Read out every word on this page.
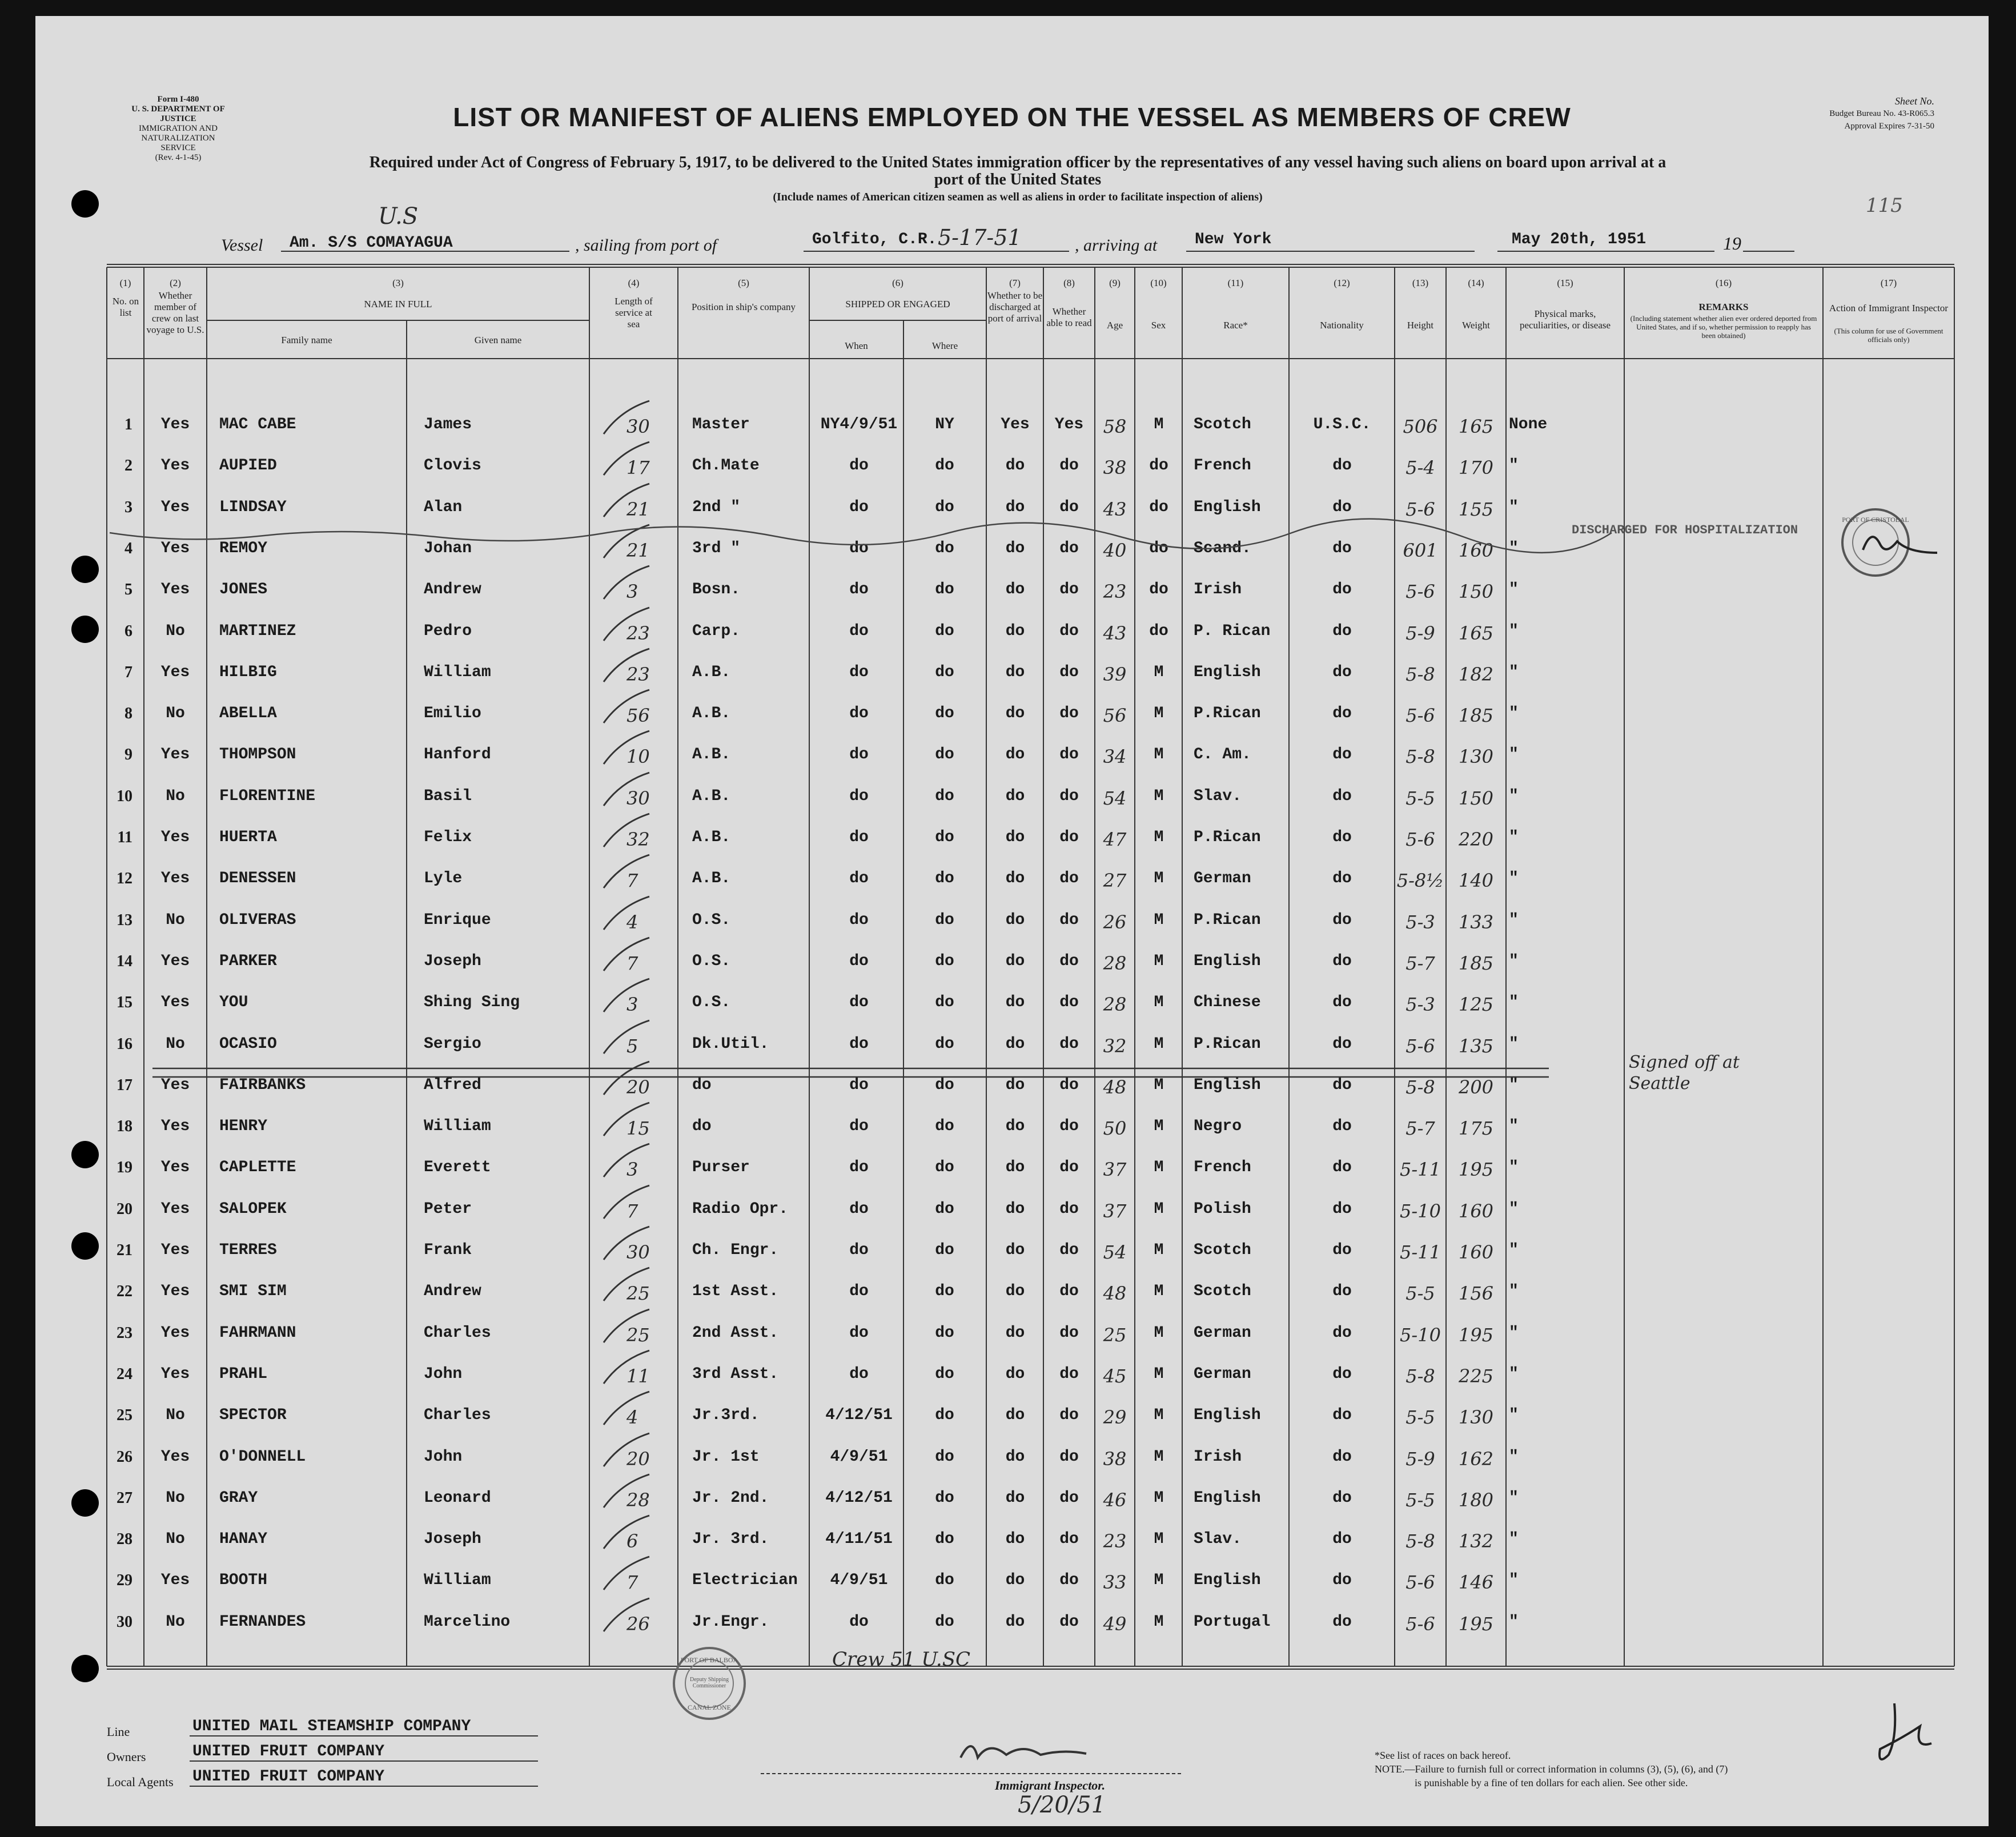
Form I-480
U. S. DEPARTMENT OF JUSTICE
IMMIGRATION AND NATURALIZATION SERVICE
(Rev. 4-1-45)
Sheet No.
Budget Bureau No. 43-R065.3
Approval Expires 7-31-50
LIST OR MANIFEST OF ALIENS EMPLOYED ON THE VESSEL AS MEMBERS OF CREW
Required under Act of Congress of February 5, 1917, to be delivered to the United States immigration officer by the representatives of any vessel having such aliens on board upon arrival at a
port of the United States
(Include names of American citizen seamen as well as aliens in order to facilitate inspection of aliens)	115
Vessel
U.S
Am. S/S COMAYAGUA	, sailing from port of	Golfito, C.R. 5-17-51	, arriving at New York	May 20th, 1951	19
(1)
No. on list
(2)
Whether member of crew on last voyage to U.S.
(3)
NAME IN FULL
Family name	Given name
(4)
Length of service at sea
(5)
Position in ship's company
(6)
SHIPPED OR ENGAGED
When	Where
(7)
Whether to be discharged at port of arrival
(8)
Whether able to read
(9)
Age
(10)
Sex
(11)
Race*
(12)
Nationality
(13)
Height
(14)
Weight
(15)
Physical marks, peculiarities, or disease
(16)
REMARKS
(Including statement whether alien ever ordered deported from United States, and if so, whether permission to reapply has been obtained)
(17)
Action of Immigrant Inspector
(This column for use of Government officials only)
1	Yes	MAC CABE	James	30	Master	NY4/9/51	NY	Yes	Yes	58	M	Scotch	U.S.C.	506	165 None
2	Yes	AUPIED	Clovis	17	Ch.Mate	do	do	do	do	38	do	French	do	5-4	170 "
3	Yes	LINDSAY	Alan	21	2nd "	do	do	do	do	43	do	English	do	5-6	155 "
4	Yes	REMOY	Johan	21	3rd "	do	do	do	do	40	do	Scand.	do	601	160 "
5	Yes	JONES	Andrew	3	Bosn.	do	do	do	do	23	do	Irish	do	5-6	150 "
6	No	MARTINEZ	Pedro	23	Carp.	do	do	do	do	43	do	P. Rican	do	5-9	165 "
7	Yes	HILBIG	William	23	A.B.	do	do	do	do	39	M	English	do	5-8	182 "
8	No	ABELLA	Emilio	56	A.B.	do	do	do	do	56	M	P.Rican	do	5-6	185 "
9	Yes	THOMPSON	Hanford	10	A.B.	do	do	do	do	34	M	C. Am.	do	5-8	130 "
10	No	FLORENTINE	Basil	30	A.B.	do	do	do	do	54	M	Slav.	do	5-5	150 "
11	Yes	HUERTA	Felix	32	A.B.	do	do	do	do	47	M	P.Rican	do	5-6	220 "
12	Yes	DENESSEN	Lyle	7	A.B.	do	do	do	do	27	M	German	do	5-8½ 140 "
13	No	OLIVERAS	Enrique	4	O.S.	do	do	do	do	26	M	P.Rican	do	5-3	133 "
14	Yes	PARKER	Joseph	7	O.S.	do	do	do	do	28	M	English	do	5-7	185 "
15	Yes	YOU	Shing Sing	3	O.S.	do	do	do	do	28	M	Chinese	do	5-3	125 "
16	No	OCASIO	Sergio	5	Dk.Util.	do	do	do	do	32	M	P.Rican	do	5-6	135 "
17	Yes	FAIRBANKS	Alfred	20	do	do	do	do	do	48	M	English	do	5-8	200 "
18	Yes	HENRY	William	15	do	do	do	do	do	50	M	Negro	do	5-7	175 "
19	Yes	CAPLETTE	Everett	3	Purser	do	do	do	do	37	M	French	do	5-11 195 "
20	Yes	SALOPEK	Peter	7	Radio Opr.	do	do	do	do	37	M	Polish	do	5-10 160 "
21	Yes	TERRES	Frank	30	Ch. Engr.	do	do	do	do	54	M	Scotch	do	5-11 160 "
22	Yes	SMI SIM	Andrew	25	1st Asst.	do	do	do	do	48	M	Scotch	do	5-5	156 "
23	Yes	FAHRMANN	Charles	25	2nd Asst.	do	do	do	do	25	M	German	do	5-10 195 "
24	Yes	PRAHL	John	11	3rd Asst.	do	do	do	do	45	M	German	do	5-8	225 "
25	No	SPECTOR	Charles	4	Jr.3rd.	4/12/51	do	do	do	29	M	English	do	5-5	130 "
26	Yes	O'DONNELL	John	20	Jr. 1st	4/9/51	do	do	do	38	M	Irish	do	5-9	162 "
27	No	GRAY	Leonard	28	Jr. 2nd.	4/12/51	do	do	do	46	M	English	do	5-5	180 "
28	No	HANAY	Joseph	6	Jr. 3rd.	4/11/51	do	do	do	23	M	Slav.	do	5-8	132 "
29	Yes	BOOTH	William	7	Electrician	4/9/51	do	do	do	33	M	English	do	5-6	146 "
30	No	FERNANDES	Marcelino	26	Jr.Engr.	do	do	do	do	49	M	Portugal	do	5-6	195 "
DISCHARGED FOR HOSPITALIZATION
Signed off at
Seattle
Crew 51 U.SC
PORT OF CRISTOBAL
PORT OF BALBOA
Deputy Shipping Commissioner
CANAL ZONE
Line	UNITED MAIL STEAMSHIP COMPANY
Owners	UNITED FRUIT COMPANY
Local Agents UNITED FRUIT COMPANY	Immigrant Inspector.
5/20/51
*See list of races on back hereof.
NOTE.—Failure to furnish full or correct information in columns (3), (5), (6), and (7)
is punishable by a fine of ten dollars for each alien. See other side.
